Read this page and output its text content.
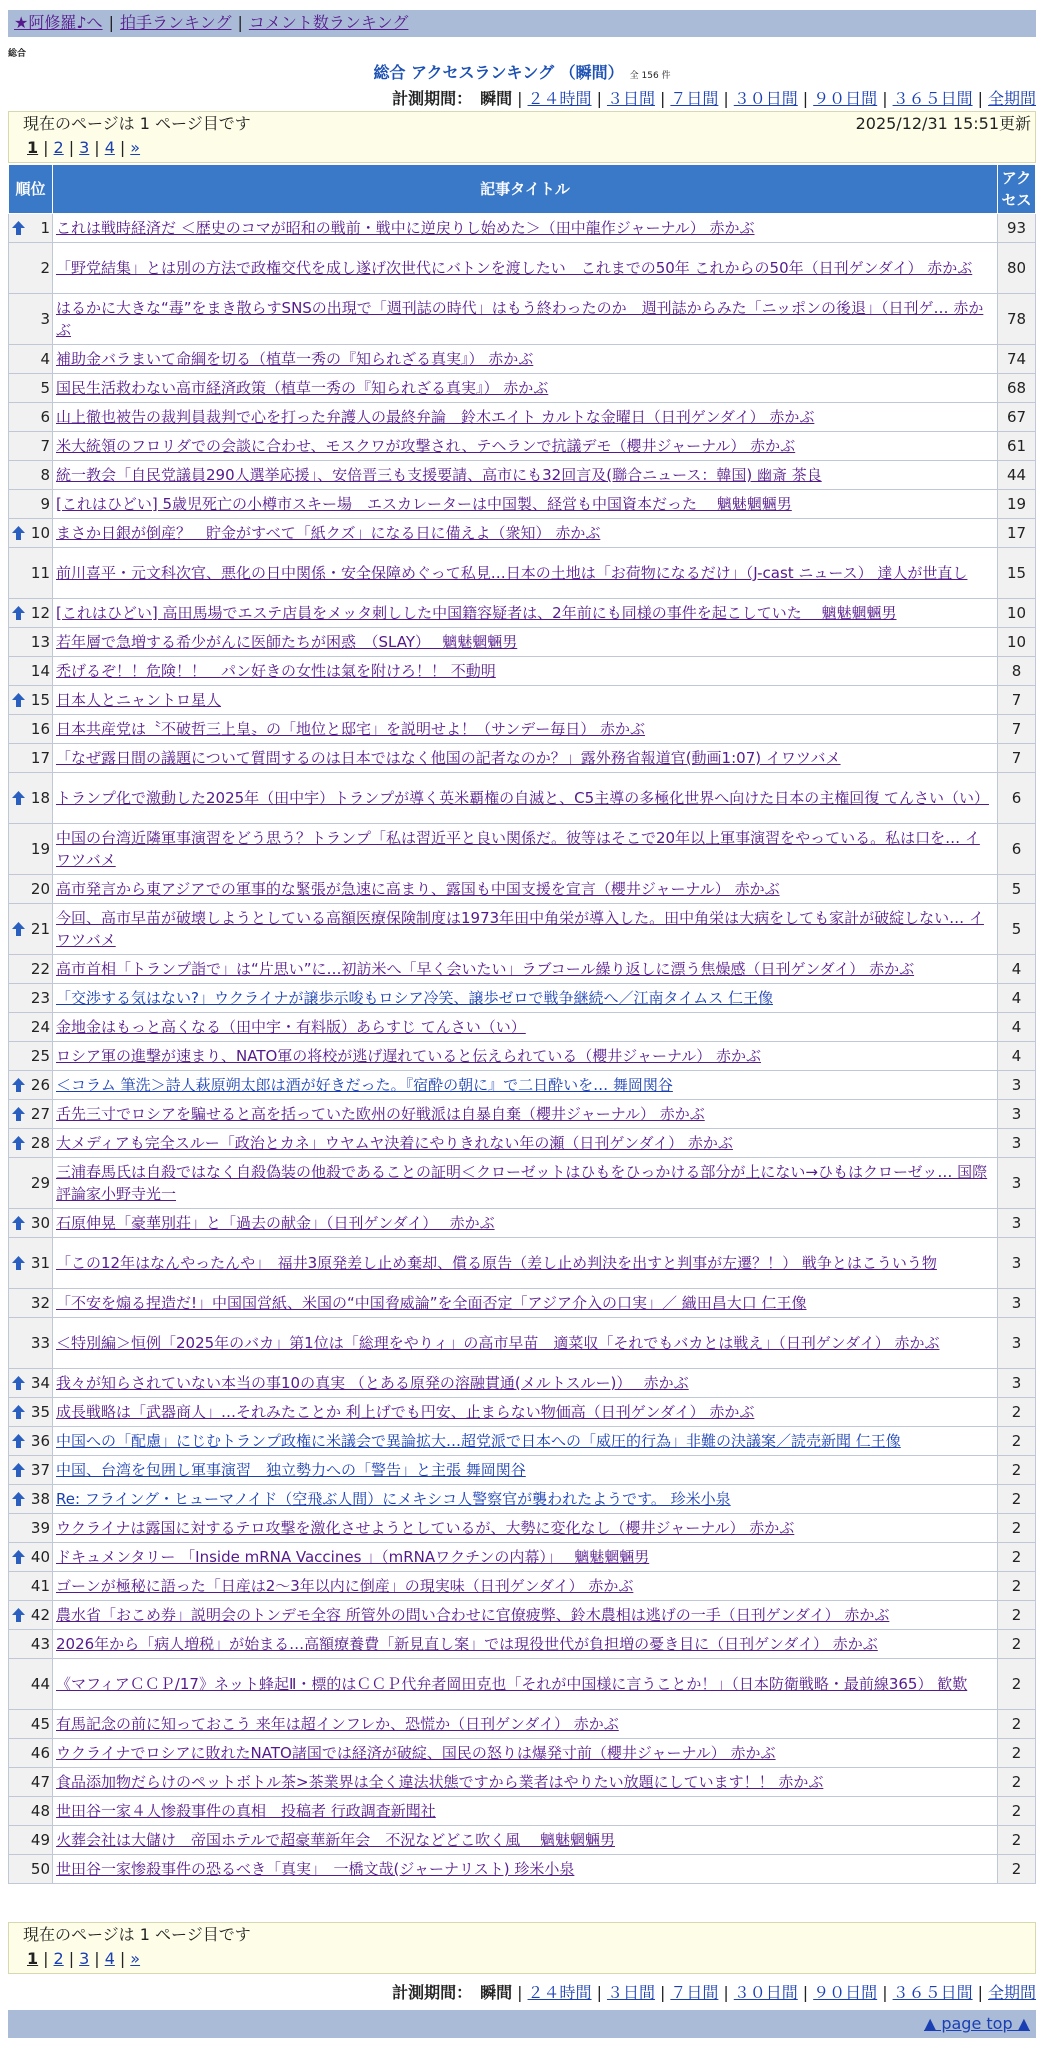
★阿修羅♪へ | 拍手ランキング | コメント数ランキング
総合
総合 アクセスランキング （瞬間） 全 156 件
計測期間： 瞬間 | ２４時間 | ３日間 | ７日間 | ３０日間 | ９０日間 | ３６５日間 | 全期間
現在のページは 1 ページ目です	2025/12/31 15:51更新
1 | 2 | 3 | 4 | »
順位	記事タイトル	アクセス

1	これは戦時経済だ ＜歴史のコマが昭和の戦前・戦中に逆戻りし始めた＞（田中龍作ジャーナル） 赤かぶ	93
2	「野党結集」とは別の方法で政権交代を成し遂げ次世代にバトンを渡したい　これまでの50年 これからの50年（日刊ゲンダイ） 赤かぶ	80
3	はるかに大きな“毒”をまき散らすSNSの出現で「週刊誌の時代」はもう終わったのか　週刊誌からみた「ニッポンの後退」（日刊ゲ… 赤かぶ	78
4	補助金バラまいて命綱を切る（植草一秀の『知られざる真実』） 赤かぶ	74
5	国民生活救わない高市経済政策（植草一秀の『知られざる真実』） 赤かぶ	68
6	山上徹也被告の裁判員裁判で心を打った弁護人の最終弁論　鈴木エイト カルトな金曜日（日刊ゲンダイ） 赤かぶ	67
7	米大統領のフロリダでの会談に合わせ、モスクワが攻撃され、テヘランで抗議デモ（櫻井ジャーナル） 赤かぶ	61
8	統一教会「自民党議員290人選挙応援」、安倍晋三も支援要請、高市にも32回言及(聯合ニュース：韓国) 幽斎 茶良	44
9	[これはひどい] 5歳児死亡の小樽市スキー場　エスカレーターは中国製、経営も中国資本だった　 魑魅魍魎男	19

10	まさか日銀が倒産？　貯金がすべて「紙クズ」になる日に備えよ（衆知） 赤かぶ	17
11	前川喜平・元文科次官、悪化の日中関係・安全保障めぐって私見…日本の土地は「お荷物になるだけ」（J-cast ニュース） 達人が世直し	15

12	[これはひどい] 高田馬場でエステ店員をメッタ刺しした中国籍容疑者は、2年前にも同様の事件を起こしていた　 魑魅魍魎男	10
13	若年層で急増する希少がんに医師たちが困惑　（SLAY）　 魑魅魍魎男	10
14	禿げるぞ！！危険！！　パン好きの女性は氣を附けろ！！ 不動明	8

15	日本人とニャントロ星人	7
16	日本共産党は〝不破哲三上皇〟の「地位と邸宅」を説明せよ！（サンデー毎日） 赤かぶ	7
17	「なぜ露日間の議題について質問するのは日本ではなく他国の記者なのか？」露外務省報道官(動画1:07) イワツバメ	7

18	トランプ化で激動した2025年（田中宇）トランプが導く英米覇権の自滅と、C5主導の多極化世界へ向けた日本の主権回復 てんさい（い）	6
19	中国の台湾近隣軍事演習をどう思う？トランプ「私は習近平と良い関係だ。彼等はそこで20年以上軍事演習をやっている。私は口を… イワツバメ	6
20	高市発言から東アジアでの軍事的な緊張が急速に高まり、露国も中国支援を宣言（櫻井ジャーナル） 赤かぶ	5

21	今回、高市早苗が破壊しようとしている高額医療保険制度は1973年田中角栄が導入した。田中角栄は大病をしても家計が破綻しない… イワツバメ	5
22	高市首相「トランプ詣で」は“片思い”に…初訪米へ「早く会いたい」ラブコール繰り返しに漂う焦燥感（日刊ゲンダイ） 赤かぶ	4
23	「交渉する気はない?」ウクライナが譲歩示唆もロシア冷笑、譲歩ゼロで戦争継続へ／江南タイムス 仁王像	4
24	金地金はもっと高くなる（田中宇・有料版）あらすじ てんさい（い）	4
25	ロシア軍の進撃が速まり、NATO軍の将校が逃げ遅れていると伝えられている（櫻井ジャーナル） 赤かぶ	4

26	＜コラム 筆洗＞詩人萩原朔太郎は酒が好きだった。『宿酔の朝に』で二日酔いを… 舞岡関谷	3

27	舌先三寸でロシアを騙せると高を括っていた欧州の好戦派は自暴自棄（櫻井ジャーナル） 赤かぶ	3

28	大メディアも完全スルー「政治とカネ」ウヤムヤ決着にやりきれない年の瀬（日刊ゲンダイ） 赤かぶ	3
29	三浦春馬氏は自殺ではなく自殺偽装の他殺であることの証明＜クローゼットはひもをひっかける部分が上にない→ひもはクローゼッ… 国際評論家小野寺光一	3

30	石原伸晃「豪華別荘」と「過去の献金」（日刊ゲンダイ）　 赤かぶ	3

31	「この12年はなんやったんや」　福井3原発差し止め棄却、償る原告（差し止め判決を出すと判事が左遷？！） 戦争とはこういう物	3
32	「不安を煽る捏造だ!」中国国営紙、米国の“中国脅威論”を全面否定「アジア介入の口実」／ 織田昌大口 仁王像	3
33	＜特別編＞恒例「2025年のバカ」第1位は「総理をやりィ」の高市早苗　適菜収「それでもバカとは戦え」（日刊ゲンダイ） 赤かぶ	3

34	我々が知らされていない本当の事10の真実 （とある原発の溶融貫通(メルトスルー)）　 赤かぶ	3

35	成長戦略は「武器商人」…それみたことか 利上げでも円安、止まらない物価高（日刊ゲンダイ） 赤かぶ	2

36	中国への「配慮」にじむトランプ政権に米議会で異論拡大…超党派で日本への「威圧的行為」非難の決議案／読売新聞 仁王像	2

37	中国、台湾を包囲し軍事演習　独立勢力への「警告」と主張 舞岡関谷	2

38	Re: フライング・ヒューマノイド（空飛ぶ人間）にメキシコ人警察官が襲われたようです。 珍米小泉	2
39	ウクライナは露国に対するテロ攻撃を激化させようとしているが、大勢に変化なし（櫻井ジャーナル） 赤かぶ	2

40	ドキュメンタリー 「Inside mRNA Vaccines 」（mRNAワクチンの内幕）」　 魑魅魍魎男	2
41	ゴーンが極秘に語った「日産は2～3年以内に倒産」の現実味（日刊ゲンダイ） 赤かぶ	2

42	農水省「おこめ券」説明会のトンデモ全容 所管外の問い合わせに官僚疲弊、鈴木農相は逃げの一手（日刊ゲンダイ） 赤かぶ	2
43	2026年から「病人増税」が始まる…高額療養費「新見直し案」では現役世代が負担増の憂き目に（日刊ゲンダイ） 赤かぶ	2
44	《マフィアＣＣＰ/17》ネット蜂起Ⅱ・標的はＣＣＰ代弁者岡田克也「それが中国様に言うことか！」（日本防衛戦略・最前線365） 歓歎	2
45	有馬記念の前に知っておこう 来年は超インフレか、恐慌か（日刊ゲンダイ） 赤かぶ	2
46	ウクライナでロシアに敗れたNATO諸国では経済が破綻、国民の怒りは爆発寸前（櫻井ジャーナル） 赤かぶ	2
47	食品添加物だらけのペットボトル茶>茶業界は全く違法状態ですから業者はやりたい放題にしています！！ 赤かぶ	2
48	世田谷一家４人惨殺事件の真相　投稿者 行政調査新聞社	2
49	火葬会社は大儲け　帝国ホテルで超豪華新年会　不況などどこ吹く風　 魑魅魍魎男	2
50	世田谷一家惨殺事件の恐るべき「真実」　一橋文哉(ジャーナリスト) 珍米小泉	2
現在のページは 1 ページ目です
1 | 2 | 3 | 4 | »
計測期間： 瞬間 | ２４時間 | ３日間 | ７日間 | ３０日間 | ９０日間 | ３６５日間 | 全期間
▲ page top ▲
